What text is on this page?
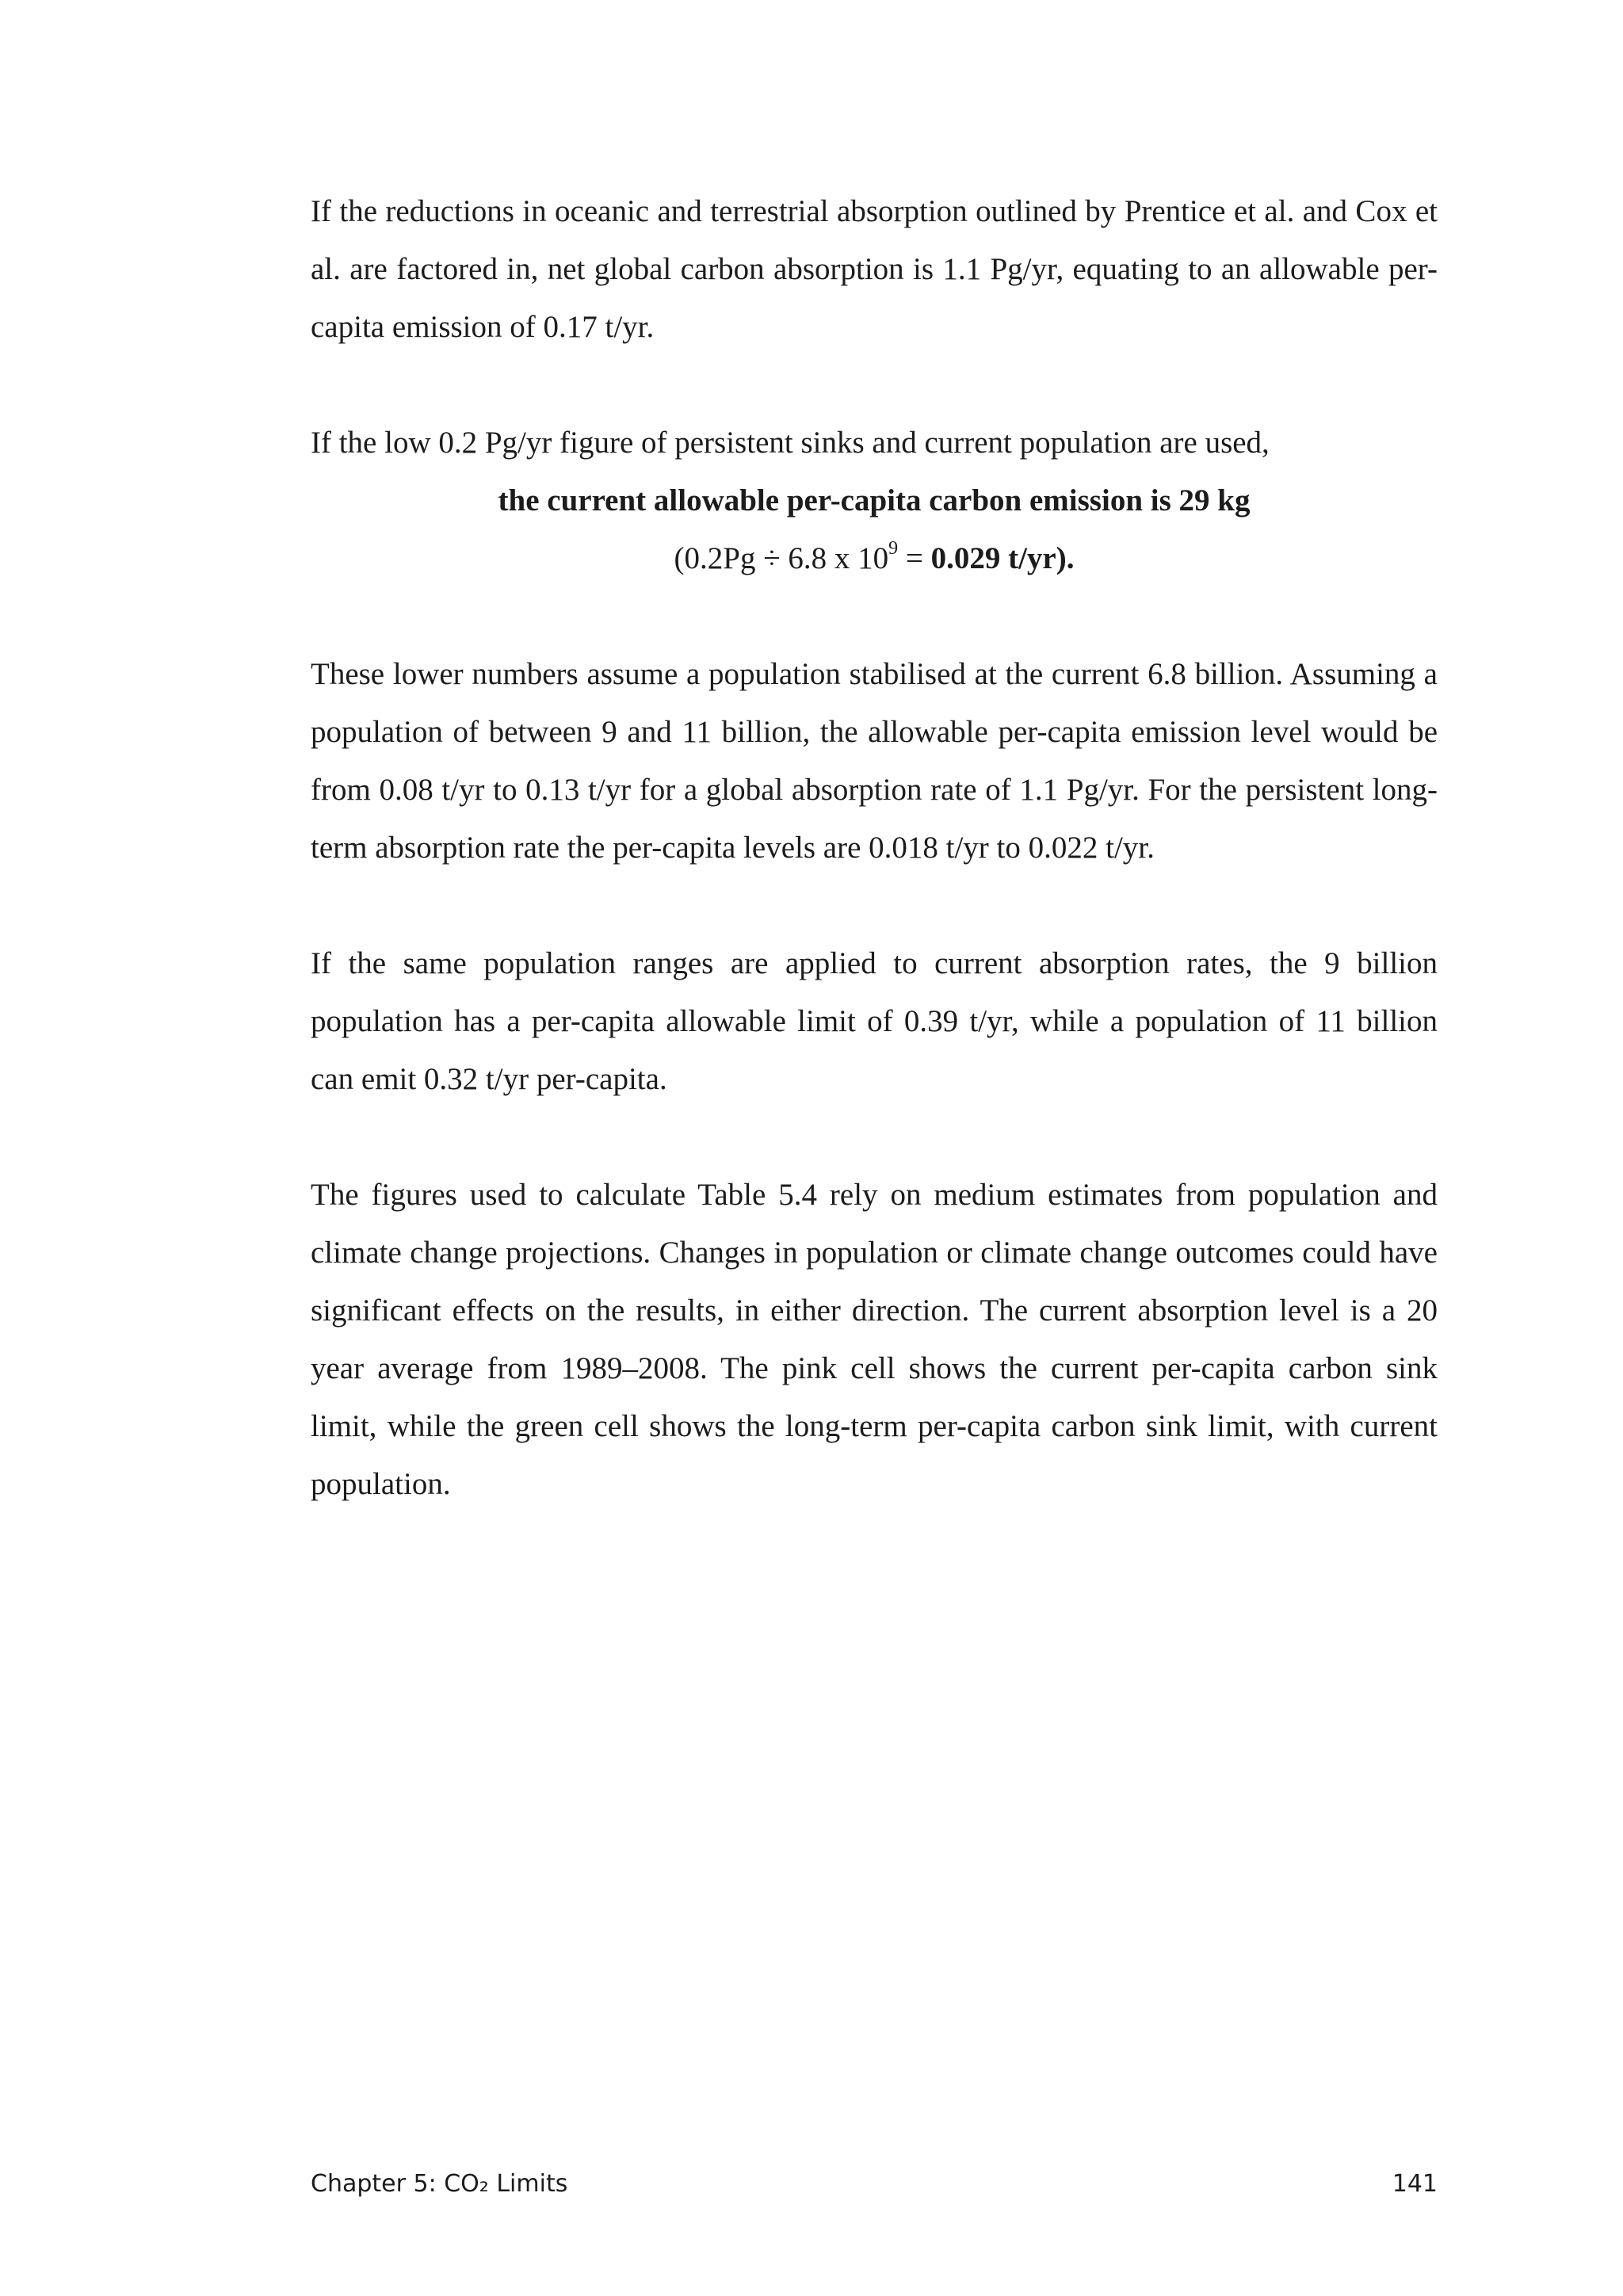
If the reductions in oceanic and terrestrial absorption outlined by Prentice et al. and Cox et al. are factored in, net global carbon absorption is 1.1 Pg/yr, equating to an allowable per-capita emission of 0.17 t/yr.

If the low 0.2 Pg/yr figure of persistent sinks and current population are used,

the current allowable per-capita carbon emission is 29 kg

(0.2Pg ÷ 6.8 x $10^9 = 0.029$ t/yr).

These lower numbers assume a population stabilised at the current 6.8 billion. Assuming a population of between 9 and 11 billion, the allowable per-capita emission level would be from 0.08 t/yr to 0.13 t/yr for a global absorption rate of 1.1 Pg/yr. For the persistent long-term absorption rate the per-capita levels are 0.018 t/yr to 0.022 t/yr.

If the same population ranges are applied to current absorption rates, the 9 billion population has a per-capita allowable limit of 0.39 t/yr, while a population of 11 billion can emit 0.32 t/yr per-capita.

The figures used to calculate Table 5.4 rely on medium estimates from population and climate change projections. Changes in population or climate change outcomes could have significant effects on the results, in either direction. The current absorption level is a 20 year average from 1989–2008. The pink cell shows the current per-capita carbon sink limit, while the green cell shows the long-term per-capita carbon sink limit, with current population.

Chapter 5: CO₂ Limits	141
